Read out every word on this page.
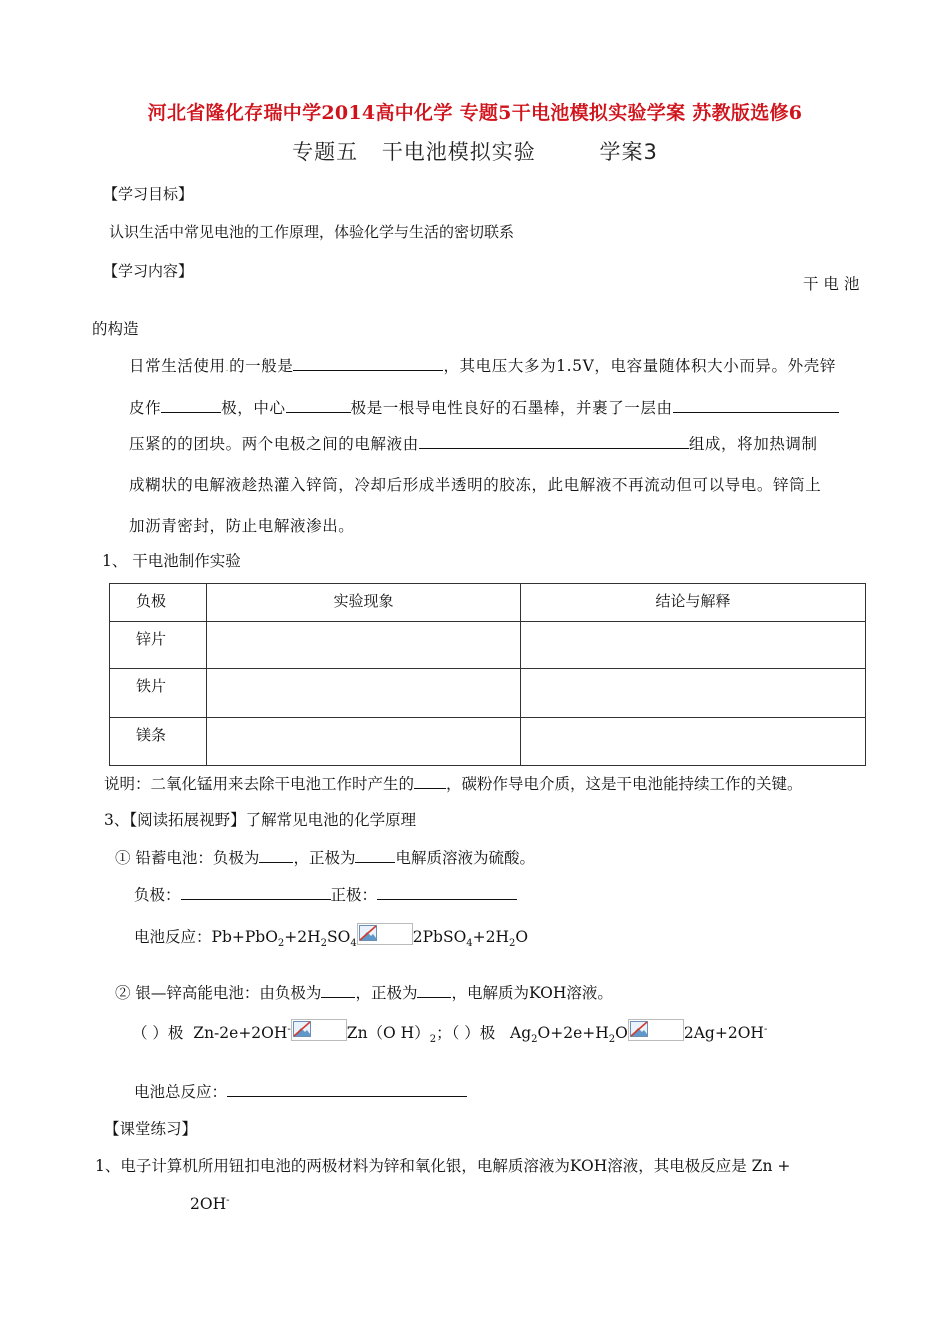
河北省隆化存瑞中学2014高中化学 专题5干电池模拟实验学案 苏教版选修6
专题五 干电池模拟实验	学案3
【学习目标】
认识生活中常见电池的工作原理，体验化学与生活的密切联系
【学习内容】
干 电 池
的构造
日常生活使用.的一般是	，其电压大多为1.5V，电容量随体积大小而异。外壳锌
皮作	极，中心	极是一根导电性良好的石墨棒，并裹了一层由
压紧的的团块。两个电极之间的电解液由	组成，将加热调制
成糊状的电解液趁热灌入锌筒，冷却后形成半透明的胶冻，此电解液不再流动但可以导电。锌筒上
加沥青密封，防止电解液渗出。
1、 干电池制作实验
负极	实验现象	结论与解释
锌片		
铁片		
镁条		
说明：二氧化锰用来去除干电池工作时产生的 ，碳粉作导电介质，这是干电池能持续工作的关键。
3、【阅读拓展视野】了解常见电池的化学原理
① 铅蓄电池：负极为 ，正极为	电解质溶液为硫酸。
负极：	正极：
电池反应：$Pb+PbO_2+2H_2SO_4$	$2PbSO_4+2H_2O$
② 银—锌高能电池：由负极为 ，正极为 ，电解质为KOH溶液。
（ ）极 Zn-2e+2OH-	Zn（O $H)_2$；（ ）极 $Ag_2O+2e+H_2O$	2Ag+2OH-
电池总反应：
【课堂练习】
1、电子计算机所用钮扣电池的两极材料为锌和氧化银，电解质溶液为KOH溶液，其电极反应是 Zn +
2OH-
